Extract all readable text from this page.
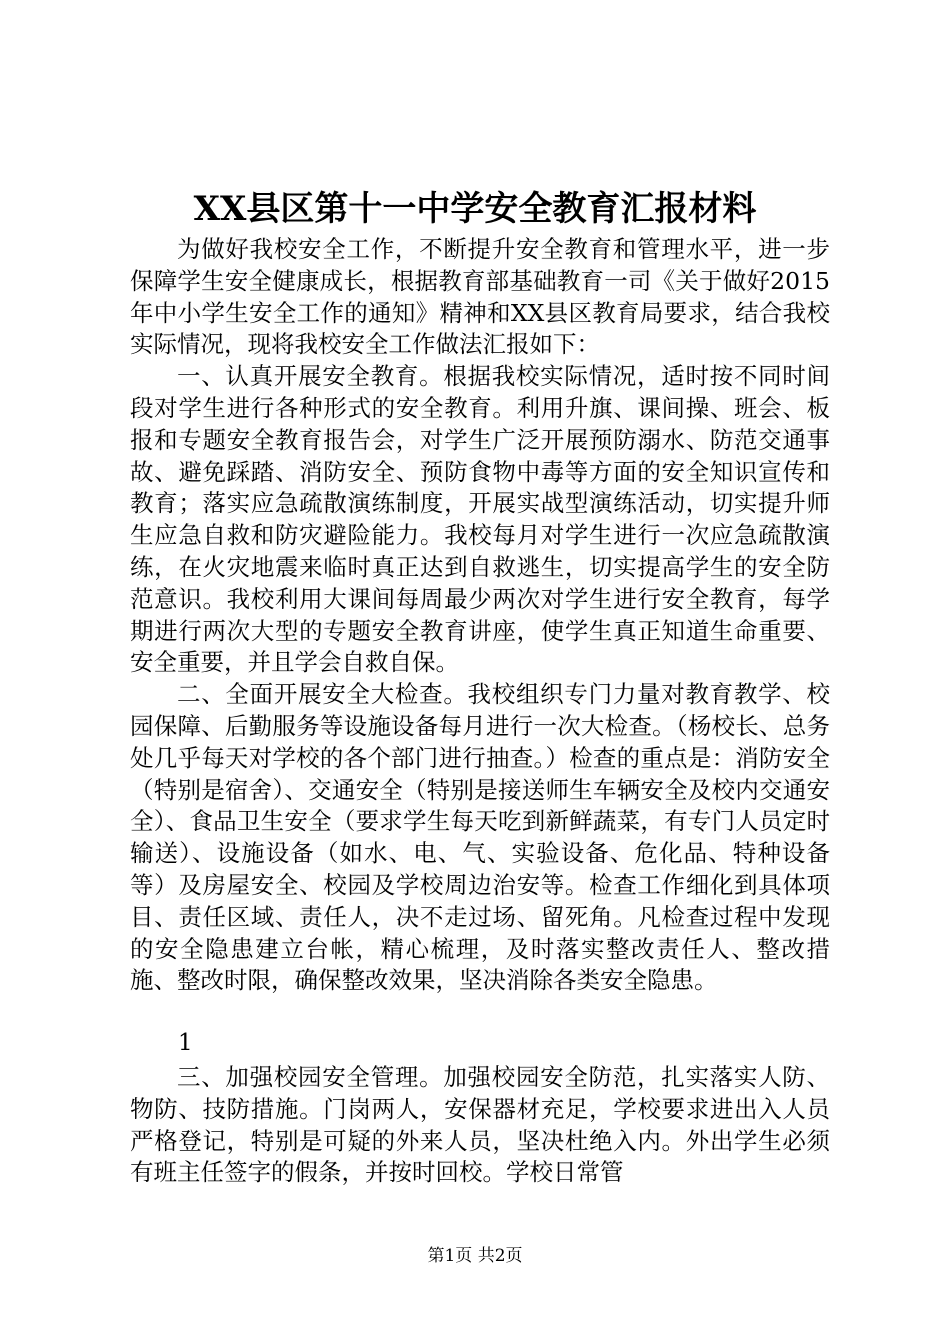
XX县区第十一中学安全教育汇报材料

为做好我校安全工作，不断提升安全教育和管理水平，进一步保障学生安全健康成长，根据教育部基础教育一司《关于做好2015年中小学生安全工作的通知》精神和XX县区教育局要求，结合我校实际情况，现将我校安全工作做法汇报如下：

一、认真开展安全教育。根据我校实际情况，适时按不同时间段对学生进行各种形式的安全教育。利用升旗、课间操、班会、板报和专题安全教育报告会，对学生广泛开展预防溺水、防范交通事故、避免踩踏、消防安全、预防食物中毒等方面的安全知识宣传和教育；落实应急疏散演练制度，开展实战型演练活动，切实提升师生应急自救和防灾避险能力。我校每月对学生进行一次应急疏散演练，在火灾地震来临时真正达到自救逃生，切实提高学生的安全防范意识。我校利用大课间每周最少两次对学生进行安全教育，每学期进行两次大型的专题安全教育讲座，使学生真正知道生命重要、安全重要，并且学会自救自保。

二、全面开展安全大检查。我校组织专门力量对教育教学、校园保障、后勤服务等设施设备每月进行一次大检查。（杨校长、总务处几乎每天对学校的各个部门进行抽查。）检查的重点是：消防安全（特别是宿舍）、交通安全（特别是接送师生车辆安全及校内交通安全）、食品卫生安全（要求学生每天吃到新鲜蔬菜，有专门人员定时输送）、设施设备（如水、电、气、实验设备、危化品、特种设备等）及房屋安全、校园及学校周边治安等。检查工作细化到具体项目、责任区域、责任人，决不走过场、留死角。凡检查过程中发现的安全隐患建立台帐，精心梳理，及时落实整改责任人、整改措施、整改时限，确保整改效果，坚决消除各类安全隐患。

1

三、加强校园安全管理。加强校园安全防范，扎实落实人防、物防、技防措施。门岗两人，安保器材充足，学校要求进出入人员严格登记，特别是可疑的外来人员，坚决杜绝入内。外出学生必须有班主任签字的假条，并按时回校。学校日常管

第1页 共2页
